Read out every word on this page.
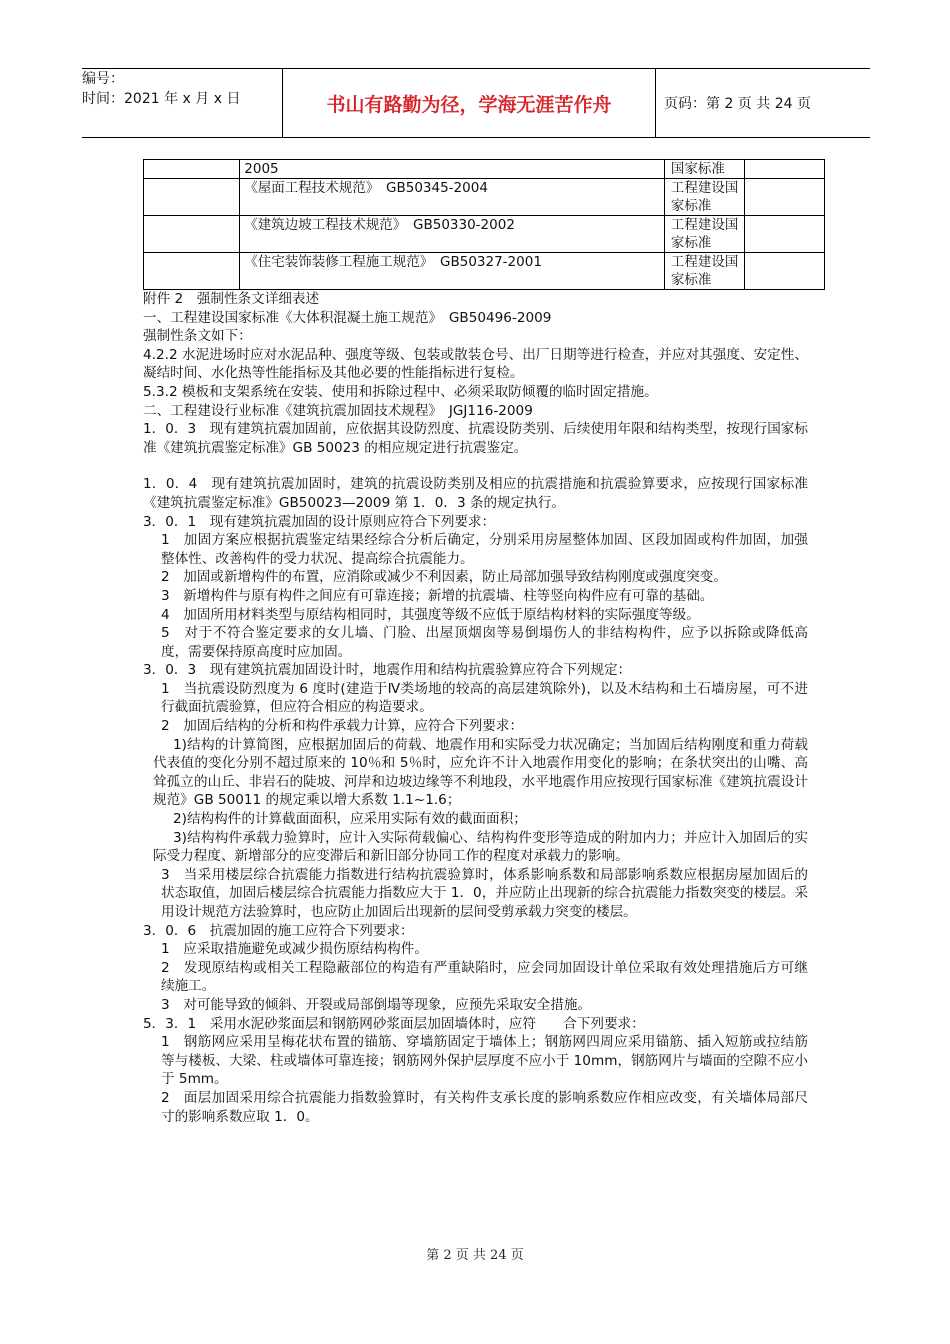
编号：
时间：2021 年 x 月 x 日	书山有路勤为径，学海无涯苦作舟	页码：第 2 页 共 24 页
	2005	国家标准	
	《屋面工程技术规范》　GB50345-2004	工程建设国家标准	
	《建筑边坡工程技术规范》　GB50330-2002	工程建设国家标准	
	《住宅装饰装修工程施工规范》　GB50327-2001	工程建设国家标准	

附件 2　强制性条文详细表述

一、工程建设国家标准《大体积混凝土施工规范》　GB50496-2009

强制性条文如下：

4.2.2 水泥进场时应对水泥品种、强度等级、包装或散装仓号、出厂日期等进行检查，并应对其强度、安定性、凝结时间、水化热等性能指标及其他必要的性能指标进行复检。

5.3.2 模板和支架系统在安装、使用和拆除过程中、必须采取防倾覆的临时固定措施。

二、工程建设行业标准《建筑抗震加固技术规程》　JGJ116-2009

1．0．3　现有建筑抗震加固前，应依据其设防烈度、抗震设防类别、后续使用年限和结构类型，按现行国家标准《建筑抗震鉴定标准》GB 50023 的相应规定进行抗震鉴定。

1．0．4　现有建筑抗震加固时，建筑的抗震设防类别及相应的抗震措施和抗震验算要求，应按现行国家标准《建筑抗震鉴定标准》GB50023—2009 第 1．0．3 条的规定执行。

3．0．1　现有建筑抗震加固的设计原则应符合下列要求：

1　加固方案应根据抗震鉴定结果经综合分析后确定，分别采用房屋整体加固、区段加固或构件加固，加强整体性、改善构件的受力状况、提高综合抗震能力。

2　加固或新增构件的布置，应消除或减少不利因素，防止局部加强导致结构刚度或强度突变。

3　新增构件与原有构件之间应有可靠连接；新增的抗震墙、柱等竖向构件应有可靠的基础。

4　加固所用材料类型与原结构相同时，其强度等级不应低于原结构材料的实际强度等级。

5　对于不符合鉴定要求的女儿墙、门脸、出屋顶烟囱等易倒塌伤人的非结构构件，应予以拆除或降低高度，需要保持原高度时应加固。

3．0．3　现有建筑抗震加固设计时，地震作用和结构抗震验算应符合下列规定：

1　当抗震设防烈度为 6 度时(建造于Ⅳ类场地的较高的高层建筑除外)，以及木结构和土石墙房屋，可不进行截面抗震验算，但应符合相应的构造要求。

2　加固后结构的分析和构件承载力计算，应符合下列要求：

1)结构的计算简图，应根据加固后的荷载、地震作用和实际受力状况确定；当加固后结构刚度和重力荷载代表值的变化分别不超过原来的 10％和 5％时，应允许不计入地震作用变化的影响；在条状突出的山嘴、高耸孤立的山丘、非岩石的陡坡、河岸和边坡边缘等不利地段，水平地震作用应按现行国家标准《建筑抗震设计规范》GB 50011 的规定乘以增大系数 1.1~1.6；

2)结构构件的计算截面面积，应采用实际有效的截面面积；

3)结构构件承载力验算时，应计入实际荷载偏心、结构构件变形等造成的附加内力；并应计入加固后的实际受力程度、新增部分的应变滞后和新旧部分协同工作的程度对承载力的影响。

3　当采用楼层综合抗震能力指数进行结构抗震验算时，体系影响系数和局部影响系数应根据房屋加固后的状态取值，加固后楼层综合抗震能力指数应大于 1．0，并应防止出现新的综合抗震能力指数突变的楼层。采用设计规范方法验算时，也应防止加固后出现新的层间受剪承载力突变的楼层。

3．0．6　抗震加固的施工应符合下列要求：

1　应采取措施避免或减少损伤原结构构件。

2　发现原结构或相关工程隐蔽部位的构造有严重缺陷时，应会同加固设计单位采取有效处理措施后方可继续施工。

3　对可能导致的倾斜、开裂或局部倒塌等现象，应预先采取安全措施。

5．3．1　采用水泥砂浆面层和钢筋网砂浆面层加固墙体时，应符　　合下列要求：

1　钢筋网应采用呈梅花状布置的锚筋、穿墙筋固定于墙体上；钢筋网四周应采用锚筋、插入短筋或拉结筋等与楼板、大梁、柱或墙体可靠连接；钢筋网外保护层厚度不应小于 10mm，钢筋网片与墙面的空隙不应小于 5mm。

2　面层加固采用综合抗震能力指数验算时，有关构件支承长度的影响系数应作相应改变，有关墙体局部尺寸的影响系数应取 1．0。

第 2 页 共 24 页
